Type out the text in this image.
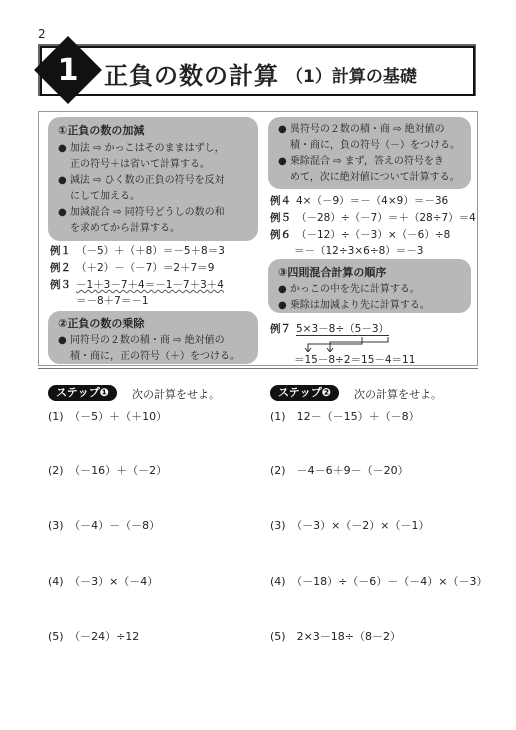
2
1	正負の数の計算 （1）計算の基礎
①正負の数の加減
● 加法 ⇨ かっこはそのままはずし，
正の符号＋は省いて計算する。
● 減法 ⇨ ひく数の正負の符号を反対
にして加える。
● 加減混合 ⇨ 同符号どうしの数の和
を求めてから計算する。
例１ （－5）＋（＋8）＝－5＋8＝3
例２ （＋2）－（－7）＝2＋7＝9
例３ －1＋3－7＋4＝－1－7＋3＋4
＝－8＋7＝－1
②正負の数の乗除
● 同符号の２数の積・商 ⇨ 絶対値の
積・商に，正の符号（＋）をつける。
● 異符号の２数の積・商 ⇨ 絶対値の
積・商に，負の符号（－）をつける。
● 乗除混合 ⇨ まず，答えの符号をき
めて，次に絶対値について計算する。
例４ 4×（－9）＝－（4×9）＝－36
例５ （－28）÷（－7）＝＋（28÷7）＝4
例６ （－12）÷（－3）×（－6）÷8
＝－（12÷3×6÷8）＝－3
③四則混合計算の順序
● かっこの中を先に計算する。
● 乗除は加減より先に計算する。
例７ 5×3－8÷（5－3）
＝15－8÷2＝15－4＝11
ステップ❶	次の計算をせよ。
(1)　 （－5）＋（＋10）
(2)　 （－16）＋（－2）
(3)　 （－4）－（－8）
(4)　 （－3）×（－4）
(5)　 （－24）÷12
ステップ❷	次の計算をせよ。
(1)　 12－（－15）＋（－8）
(2)　 －4－6＋9－（－20）
(3)　 （－3）×（－2）×（－1）
(4)　 （－18）÷（－6）－（－4）×（－3）
(5)　 2×3－18÷（8－2）
